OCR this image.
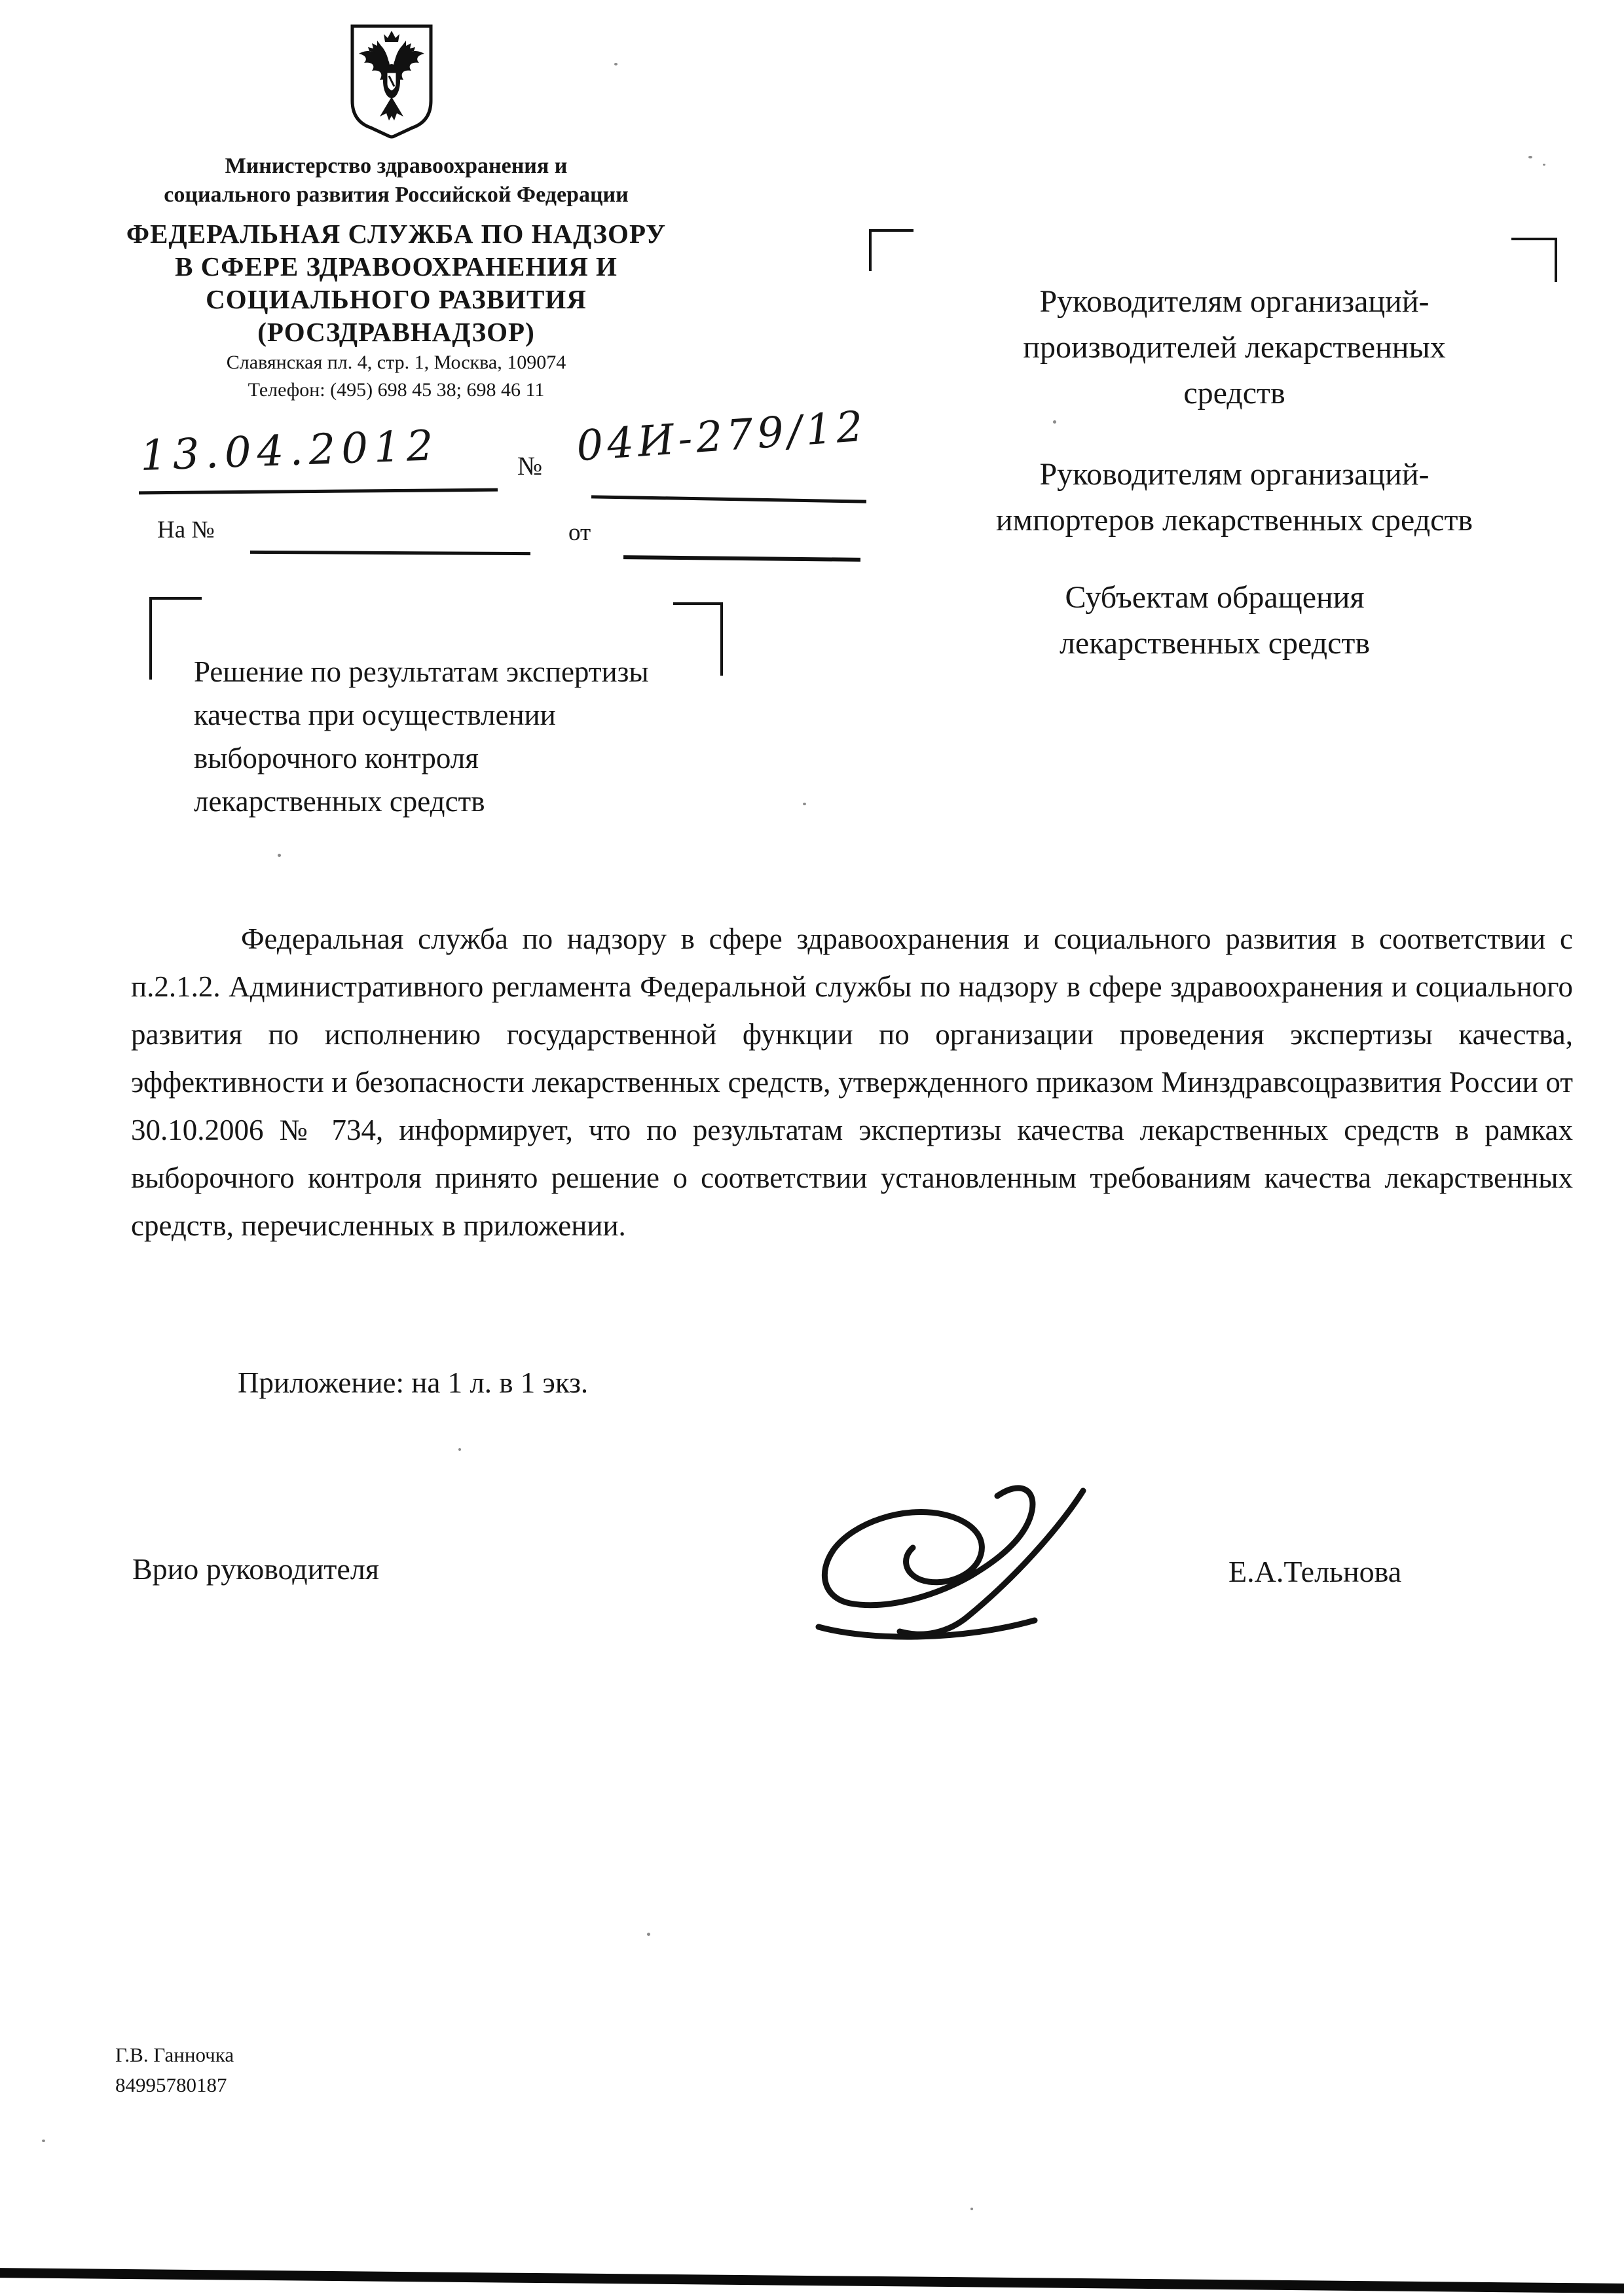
Министерство здравоохранения и
социального развития Российской Федерации
ФЕДЕРАЛЬНАЯ СЛУЖБА ПО НАДЗОРУ
В СФЕРЕ ЗДРАВООХРАНЕНИЯ И
СОЦИАЛЬНОГО РАЗВИТИЯ
(РОСЗДРАВНАДЗОР)
Славянская пл. 4, стр. 1, Москва, 109074
Телефон: (495) 698 45 38; 698 46 11
13.04.2012	№ 04И-279/12
На №	от
Решение по результатам экспертизы
качества при осуществлении
выборочного контроля
лекарственных средств
Руководителям организаций-
производителей лекарственных
средств
Руководителям организаций-
импортеров лекарственных средств
Субъектам обращения
лекарственных средств
Федеральная служба по надзору в сфере здравоохранения и социального развития в соответствии с п.2.1.2. Административного регламента Федеральной службы по надзору в сфере здравоохранения и социального развития по исполнению государственной функции по организации проведения экспертизы качества, эффективности и безопасности лекарственных средств, утвержденного приказом Минздравсоцразвития России от 30.10.2006 № 734, информирует, что по результатам экспертизы качества лекарственных средств в рамках выборочного контроля принято решение о соответствии установленным требованиям качества лекарственных средств, перечисленных в приложении.
Приложение: на 1 л. в 1 экз.
Врио руководителя	Е.А.Тельнова
Г.В. Ганночка
84995780187
